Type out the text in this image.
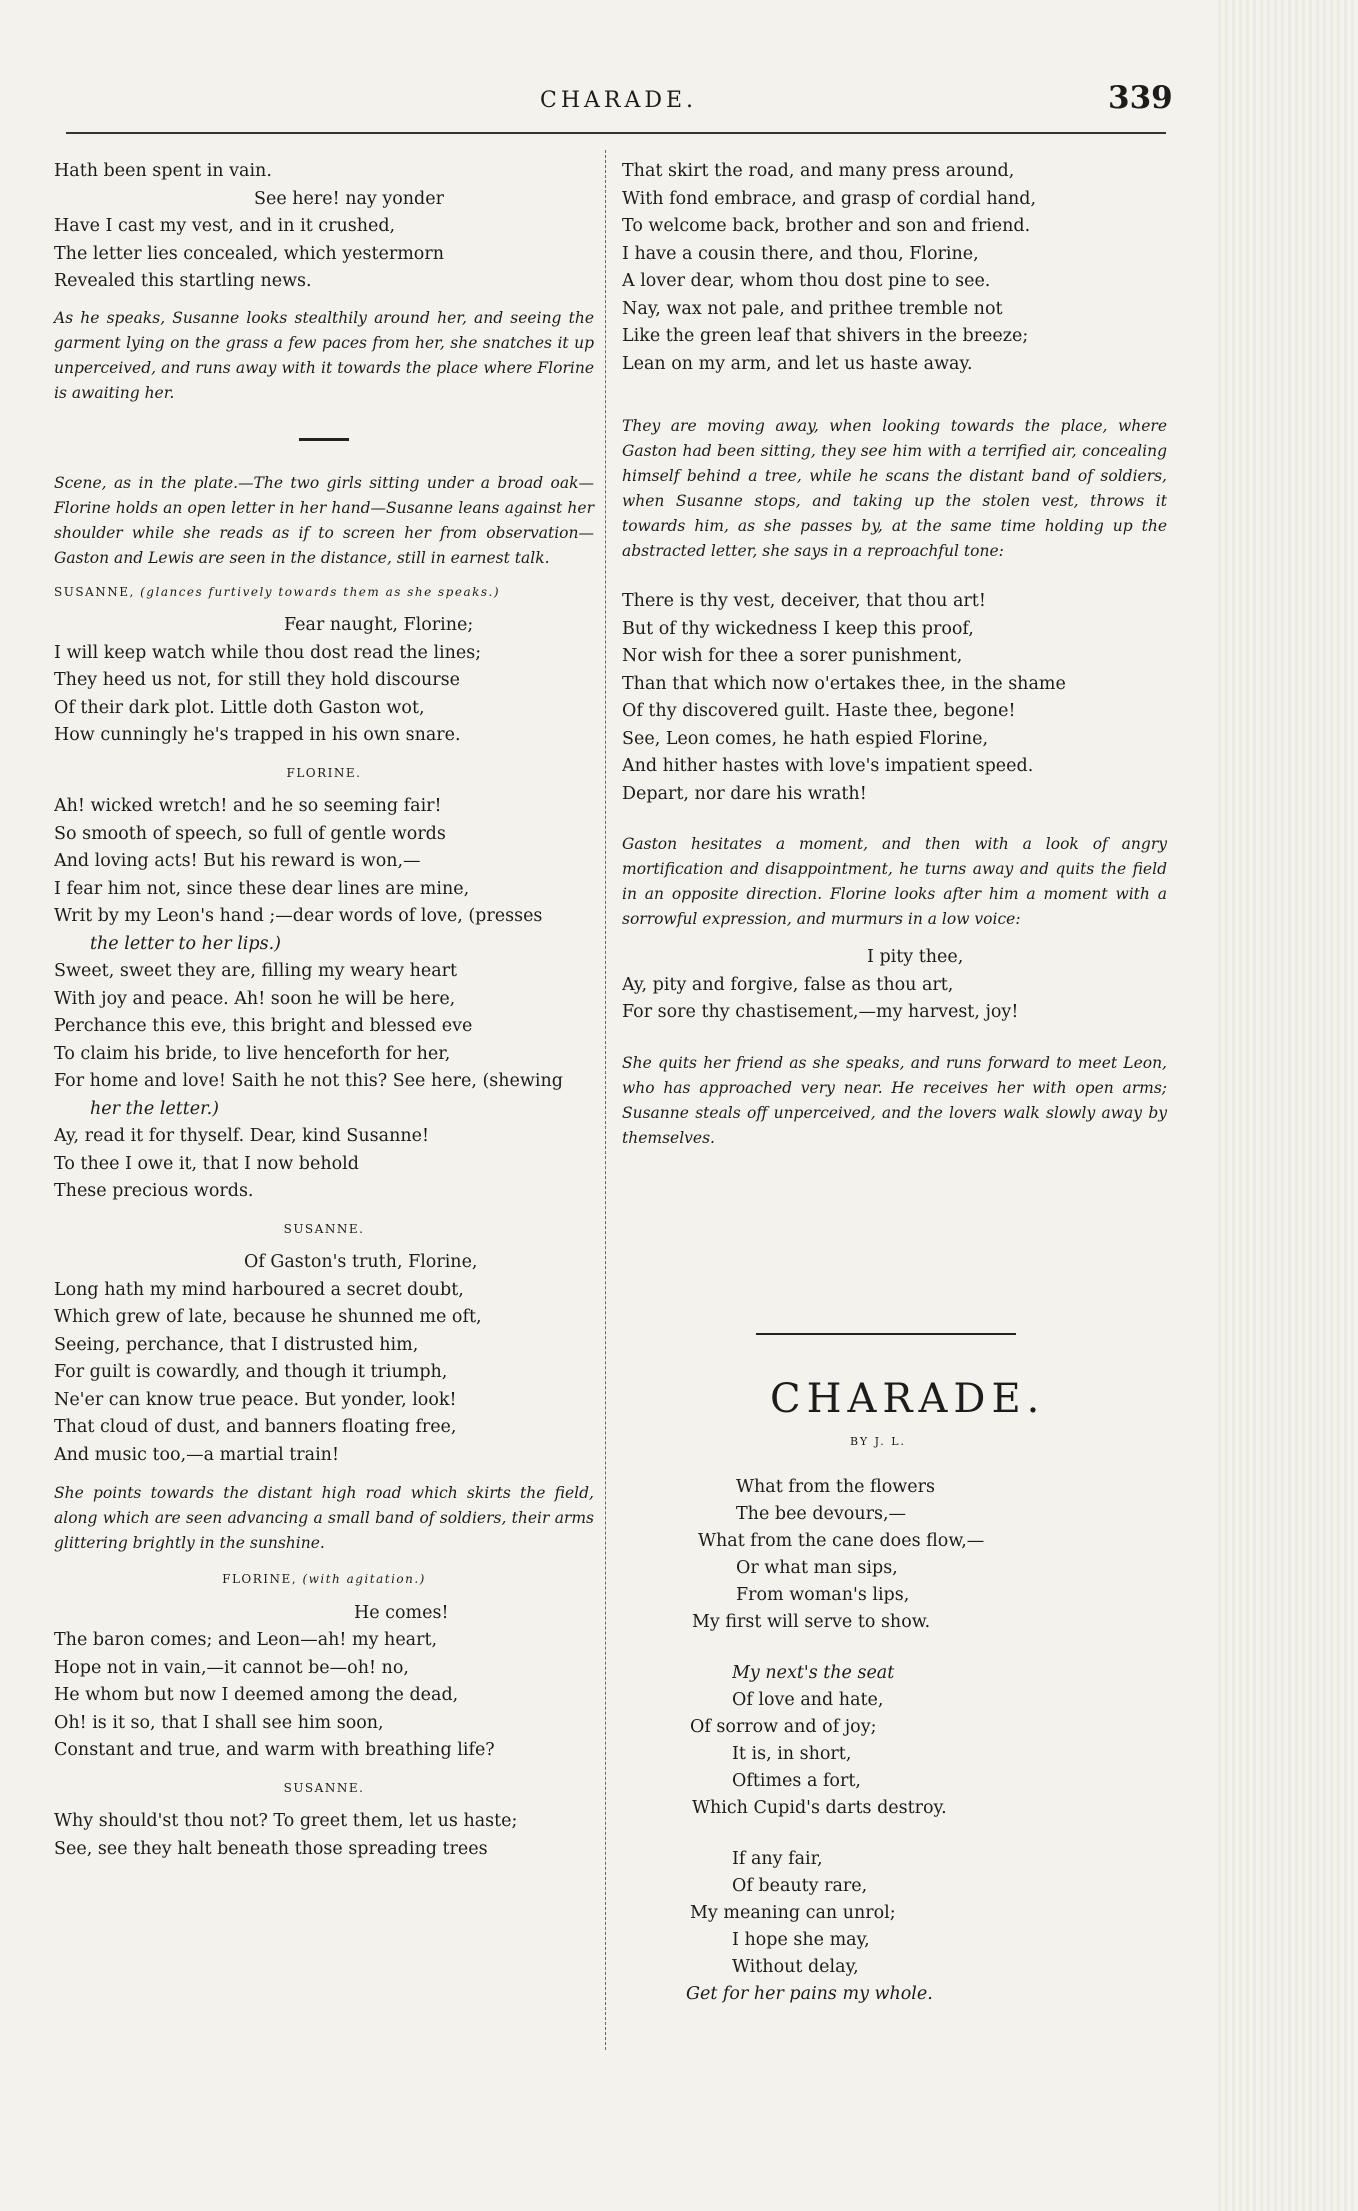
CHARADE.	339
Hath been spent in vain.
See here! nay yonder
Have I cast my vest, and in it crushed,
The letter lies concealed, which yestermorn
Revealed this startling news.

As he speaks, Susanne looks stealthily around her, and seeing the garment lying on the grass a few paces from her, she snatches it up unperceived, and runs away with it towards the place where Florine is awaiting her.

Scene, as in the plate.—The two girls sitting under a broad oak—Florine holds an open letter in her hand—Susanne leans against her shoulder while she reads as if to screen her from observation—Gaston and Lewis are seen in the distance, still in earnest talk.

SUSANNE, (glances furtively towards them as she speaks.)
Fear naught, Florine;
I will keep watch while thou dost read the lines;
They heed us not, for still they hold discourse
Of their dark plot. Little doth Gaston wot,
How cunningly he's trapped in his own snare.
FLORINE.
Ah! wicked wretch! and he so seeming fair!
So smooth of speech, so full of gentle words
And loving acts! But his reward is won,—
I fear him not, since these dear lines are mine,
Writ by my Leon's hand ;—dear words of love, (presses
the letter to her lips.)
Sweet, sweet they are, filling my weary heart
With joy and peace. Ah! soon he will be here,
Perchance this eve, this bright and blessed eve
To claim his bride, to live henceforth for her,
For home and love! Saith he not this? See here, (shewing
her the letter.)
Ay, read it for thyself. Dear, kind Susanne!
To thee I owe it, that I now behold
These precious words.
SUSANNE.
Of Gaston's truth, Florine,
Long hath my mind harboured a secret doubt,
Which grew of late, because he shunned me oft,
Seeing, perchance, that I distrusted him,
For guilt is cowardly, and though it triumph,
Ne'er can know true peace. But yonder, look!
That cloud of dust, and banners floating free,
And music too,—a martial train!

She points towards the distant high road which skirts the field, along which are seen advancing a small band of soldiers, their arms glittering brightly in the sunshine.

FLORINE, (with agitation.)
He comes!
The baron comes; and Leon—ah! my heart,
Hope not in vain,—it cannot be—oh! no,
He whom but now I deemed among the dead,
Oh! is it so, that I shall see him soon,
Constant and true, and warm with breathing life?
SUSANNE.
Why should'st thou not? To greet them, let us haste;
See, see they halt beneath those spreading trees
That skirt the road, and many press around,
With fond embrace, and grasp of cordial hand,
To welcome back, brother and son and friend.
I have a cousin there, and thou, Florine,
A lover dear, whom thou dost pine to see.
Nay, wax not pale, and prithee tremble not
Like the green leaf that shivers in the breeze;
Lean on my arm, and let us haste away.

They are moving away, when looking towards the place, where Gaston had been sitting, they see him with a terrified air, concealing himself behind a tree, while he scans the distant band of soldiers, when Susanne stops, and taking up the stolen vest, throws it towards him, as she passes by, at the same time holding up the abstracted letter, she says in a reproachful tone:

There is thy vest, deceiver, that thou art!
But of thy wickedness I keep this proof,
Nor wish for thee a sorer punishment,
Than that which now o'ertakes thee, in the shame
Of thy discovered guilt. Haste thee, begone!
See, Leon comes, he hath espied Florine,
And hither hastes with love's impatient speed.
Depart, nor dare his wrath!

Gaston hesitates a moment, and then with a look of angry mortification and disappointment, he turns away and quits the field in an opposite direction. Florine looks after him a moment with a sorrowful expression, and murmurs in a low voice:

I pity thee,
Ay, pity and forgive, false as thou art,
For sore thy chastisement,—my harvest, joy!

She quits her friend as she speaks, and runs forward to meet Leon, who has approached very near. He receives her with open arms; Susanne steals off unperceived, and the lovers walk slowly away by themselves.

CHARADE.
BY J. L.
What from the flowers
The bee devours,—
What from the cane does flow,—
Or what man sips,
From woman's lips,
My first will serve to show.
My next's the seat
Of love and hate,
Of sorrow and of joy;
It is, in short,
Oftimes a fort,
Which Cupid's darts destroy.
If any fair,
Of beauty rare,
My meaning can unrol;
I hope she may,
Without delay,
Get for her pains my whole.
